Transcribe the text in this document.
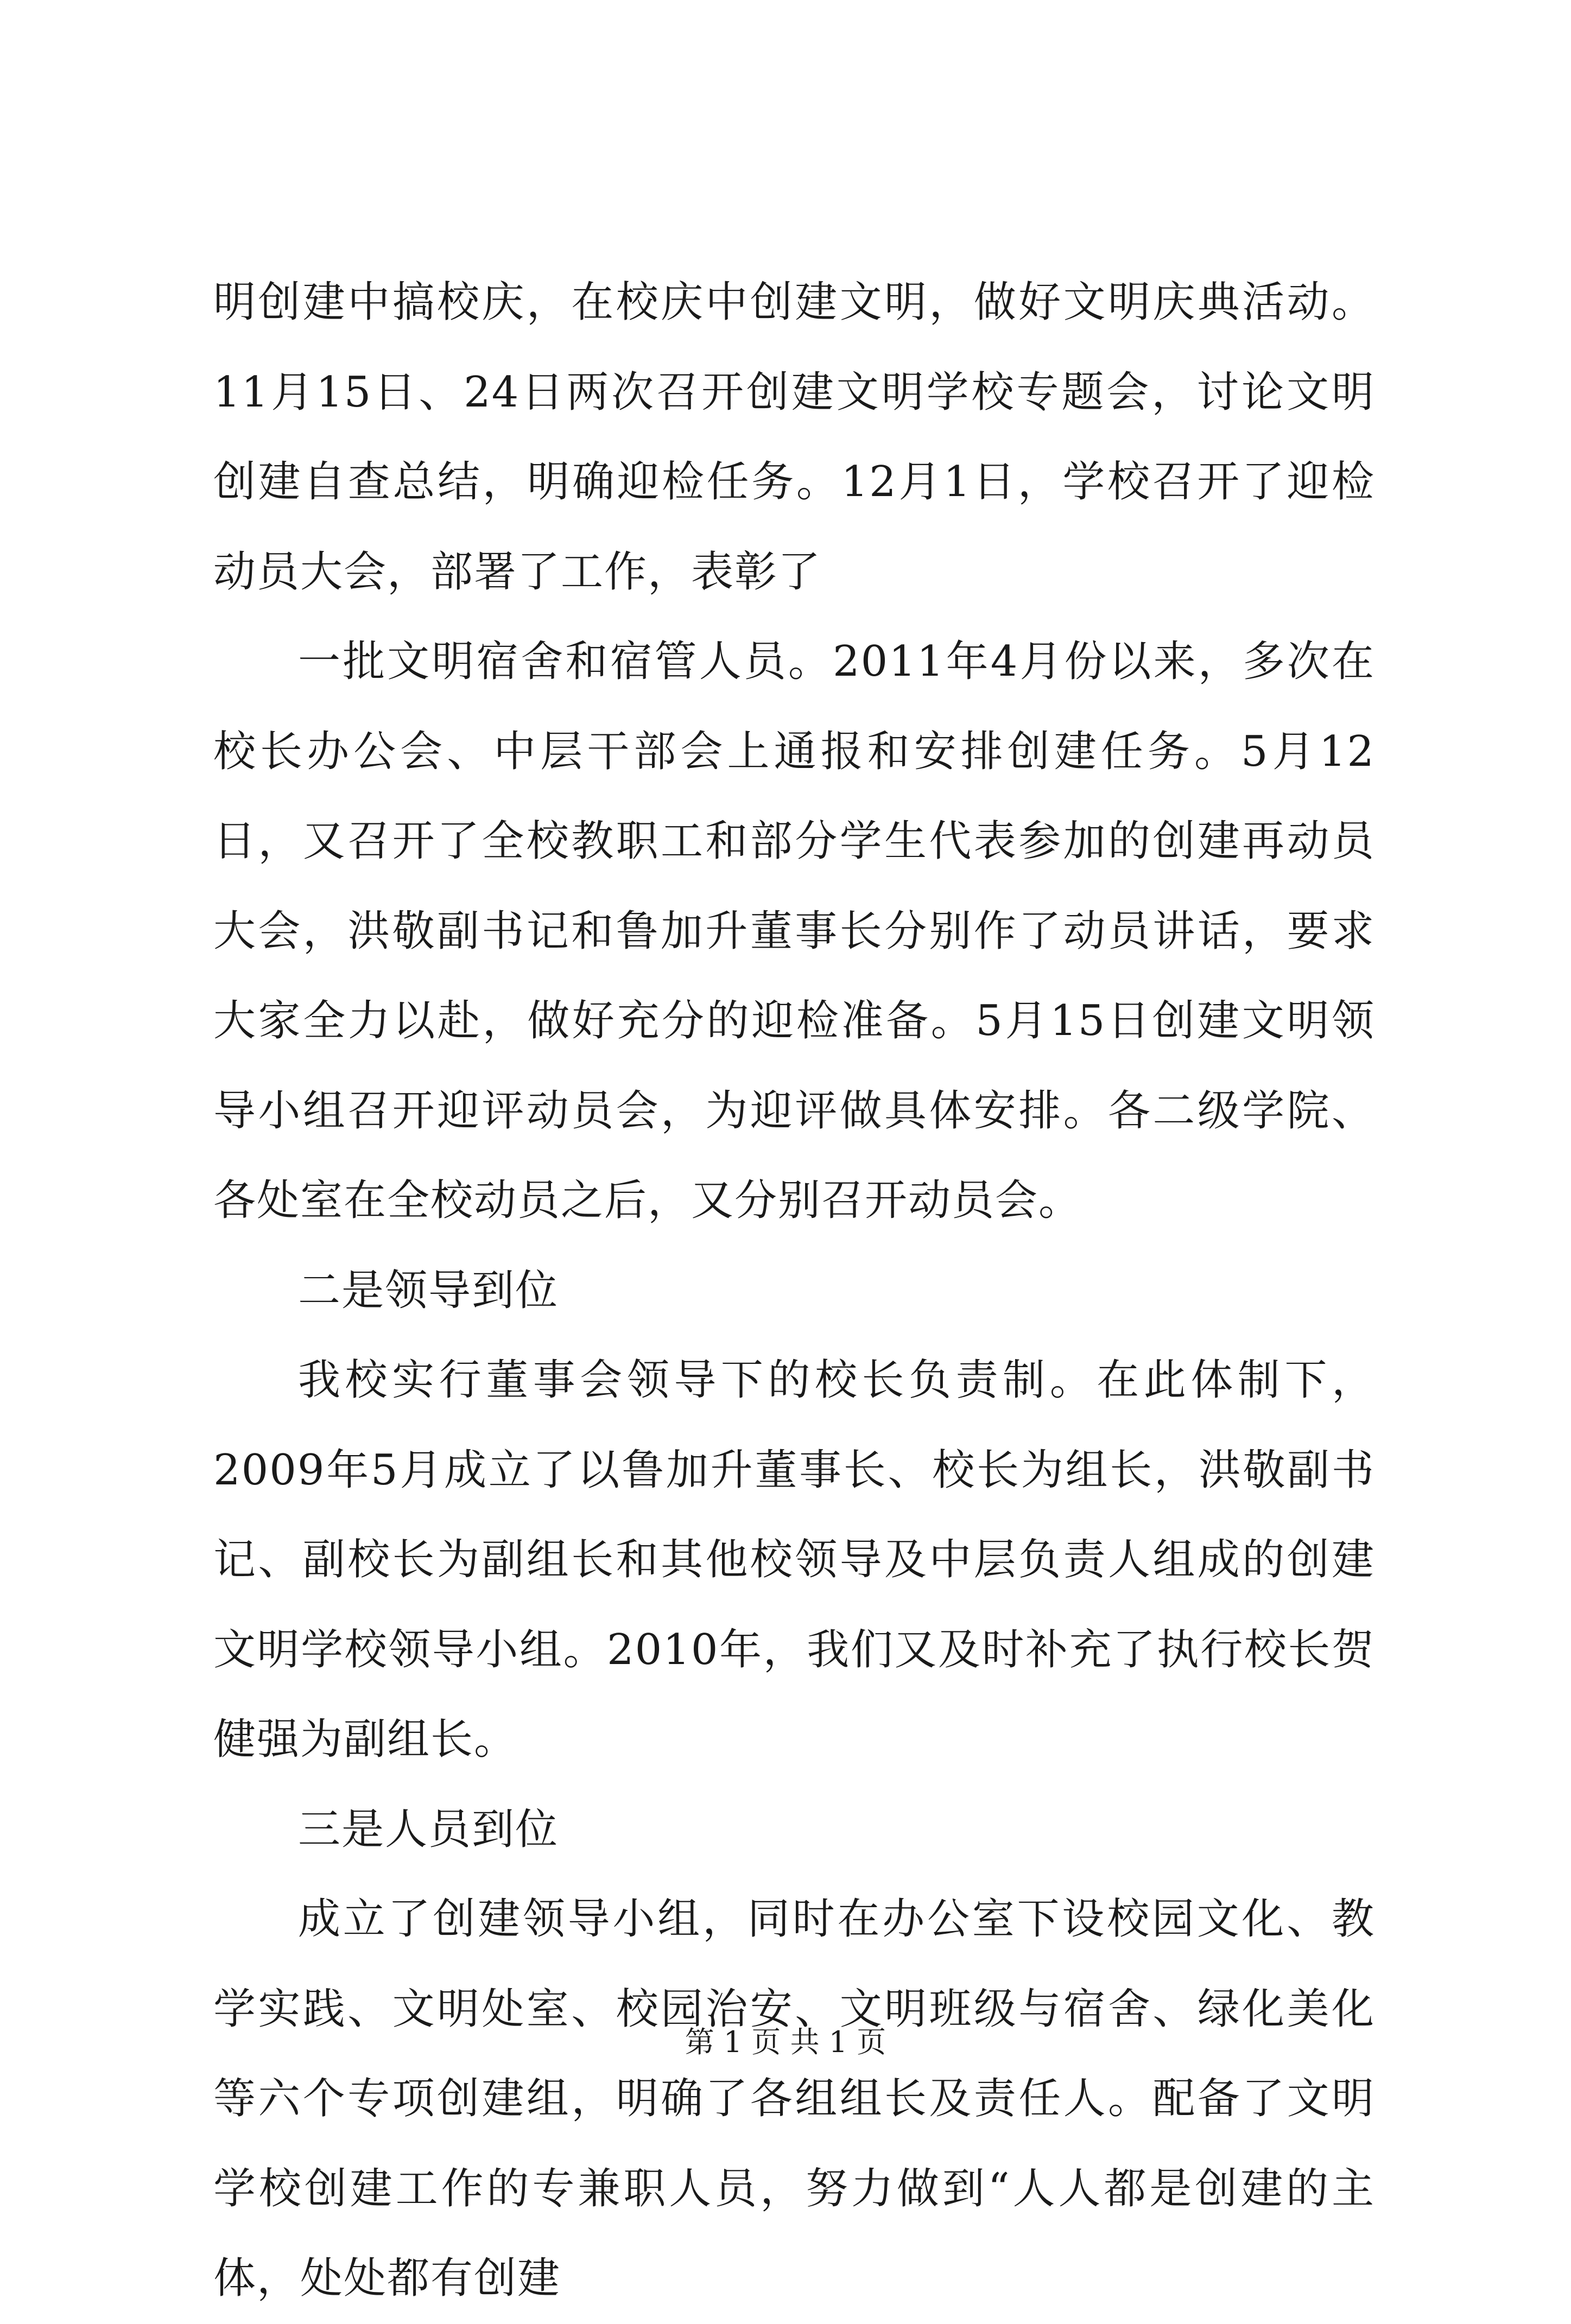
明创建中搞校庆，在校庆中创建文明，做好文明庆典活动。11月15日、24日两次召开创建文明学校专题会，讨论文明创建自查总结，明确迎检任务。12月1日，学校召开了迎检动员大会，部署了工作，表彰了

一批文明宿舍和宿管人员。2011年4月份以来，多次在校长办公会、中层干部会上通报和安排创建任务。5月12日，又召开了全校教职工和部分学生代表参加的创建再动员大会，洪敬副书记和鲁加升董事长分别作了动员讲话，要求大家全力以赴，做好充分的迎检准备。5月15日创建文明领导小组召开迎评动员会，为迎评做具体安排。各二级学院、各处室在全校动员之后，又分别召开动员会。

二是领导到位

我校实行董事会领导下的校长负责制。在此体制下，2009年5月成立了以鲁加升董事长、校长为组长，洪敬副书记、副校长为副组长和其他校领导及中层负责人组成的创建文明学校领导小组。2010年，我们又及时补充了执行校长贺健强为副组长。

三是人员到位

成立了创建领导小组，同时在办公室下设校园文化、教学实践、文明处室、校园治安、文明班级与宿舍、绿化美化等六个专项创建组，明确了各组组长及责任人。配备了文明学校创建工作的专兼职人员，努力做到“人人都是创建的主体，处处都有创建

第 1 页 共 1 页
